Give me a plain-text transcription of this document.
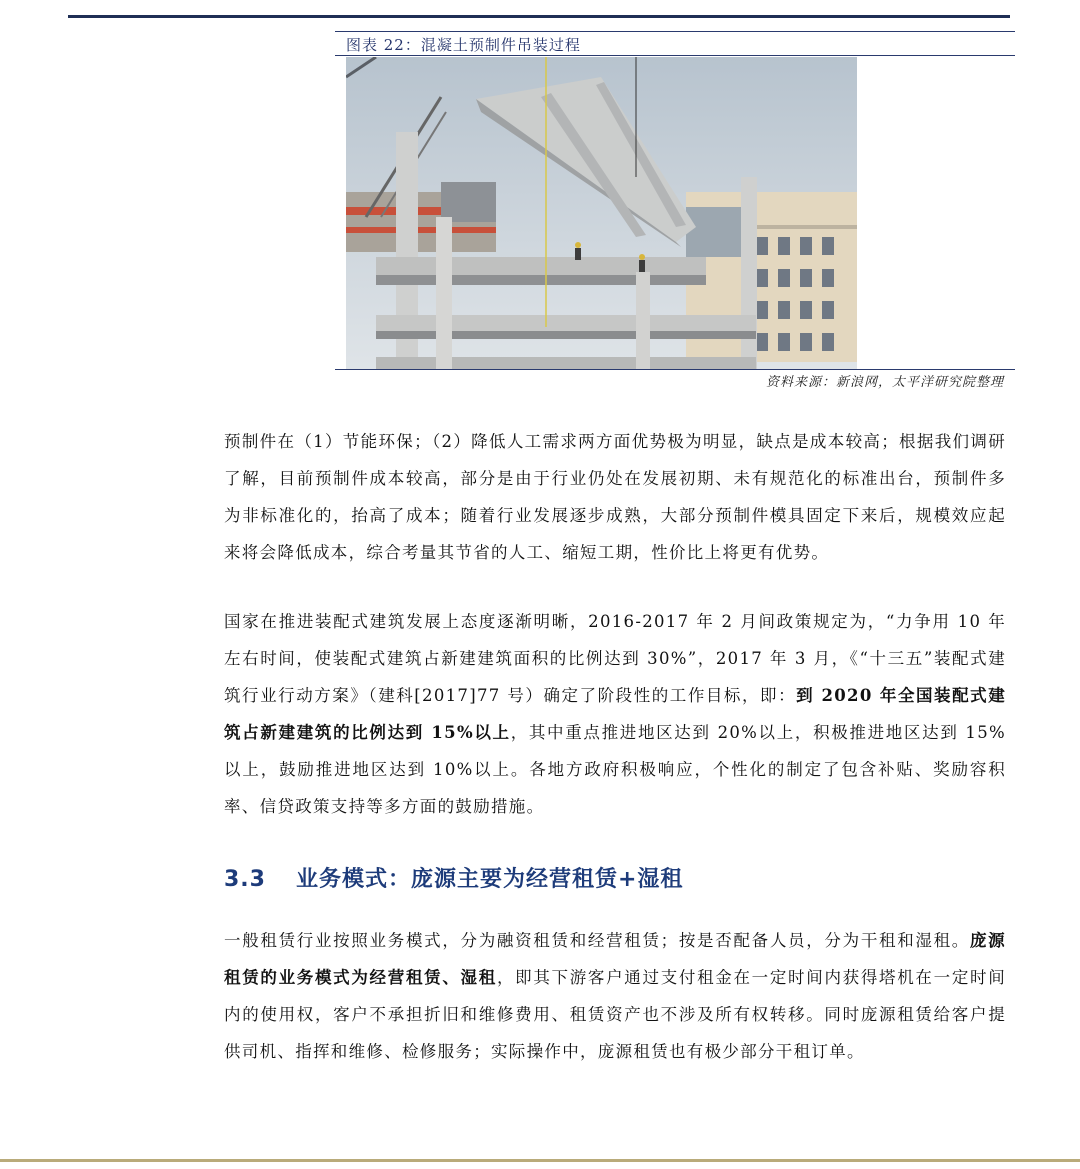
图表 22：混凝土预制件吊装过程
资料来源：新浪网，太平洋研究院整理
预制件在（1）节能环保；（2）降低人工需求两方面优势极为明显，缺点是成本较高；根据我们调研了解，目前预制件成本较高，部分是由于行业仍处在发展初期、未有规范化的标准出台，预制件多为非标准化的，抬高了成本；随着行业发展逐步成熟，大部分预制件模具固定下来后，规模效应起来将会降低成本，综合考量其节省的人工、缩短工期，性价比上将更有优势。
国家在推进装配式建筑发展上态度逐渐明晰，2016-2017 年 2 月间政策规定为，“力争用 10 年左右时间，使装配式建筑占新建建筑面积的比例达到 30%”，2017 年 3 月，《“十三五”装配式建筑行业行动方案》（建科[2017]77 号）确定了阶段性的工作目标，即：到 2020 年全国装配式建筑占新建建筑的比例达到 15%以上，其中重点推进地区达到 20%以上，积极推进地区达到 15%以上，鼓励推进地区达到 10%以上。各地方政府积极响应，个性化的制定了包含补贴、奖励容积率、信贷政策支持等多方面的鼓励措施。
3.3 业务模式：庞源主要为经营租赁+湿租
一般租赁行业按照业务模式，分为融资租赁和经营租赁；按是否配备人员，分为干租和湿租。庞源租赁的业务模式为经营租赁、湿租，即其下游客户通过支付租金在一定时间内获得塔机在一定时间内的使用权，客户不承担折旧和维修费用、租赁资产也不涉及所有权转移。同时庞源租赁给客户提供司机、指挥和维修、检修服务；实际操作中，庞源租赁也有极少部分干租订单。
